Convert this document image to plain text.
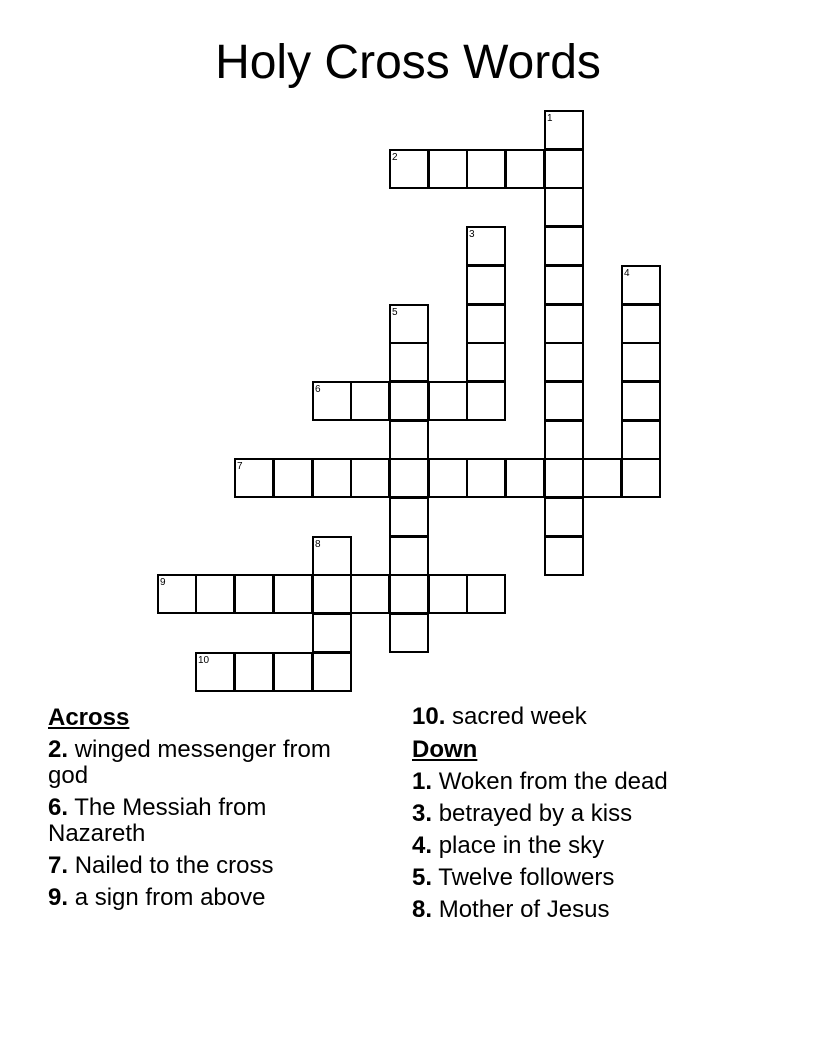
Holy Cross Words
2
6
7
9
10
1
3
4
5
8
Across
2. winged messenger from god
6. The Messiah from Nazareth
7. Nailed to the cross
9. a sign from above
10. sacred week
Down
1. Woken from the dead
3. betrayed by a kiss
4. place in the sky
5. Twelve followers
8. Mother of Jesus
